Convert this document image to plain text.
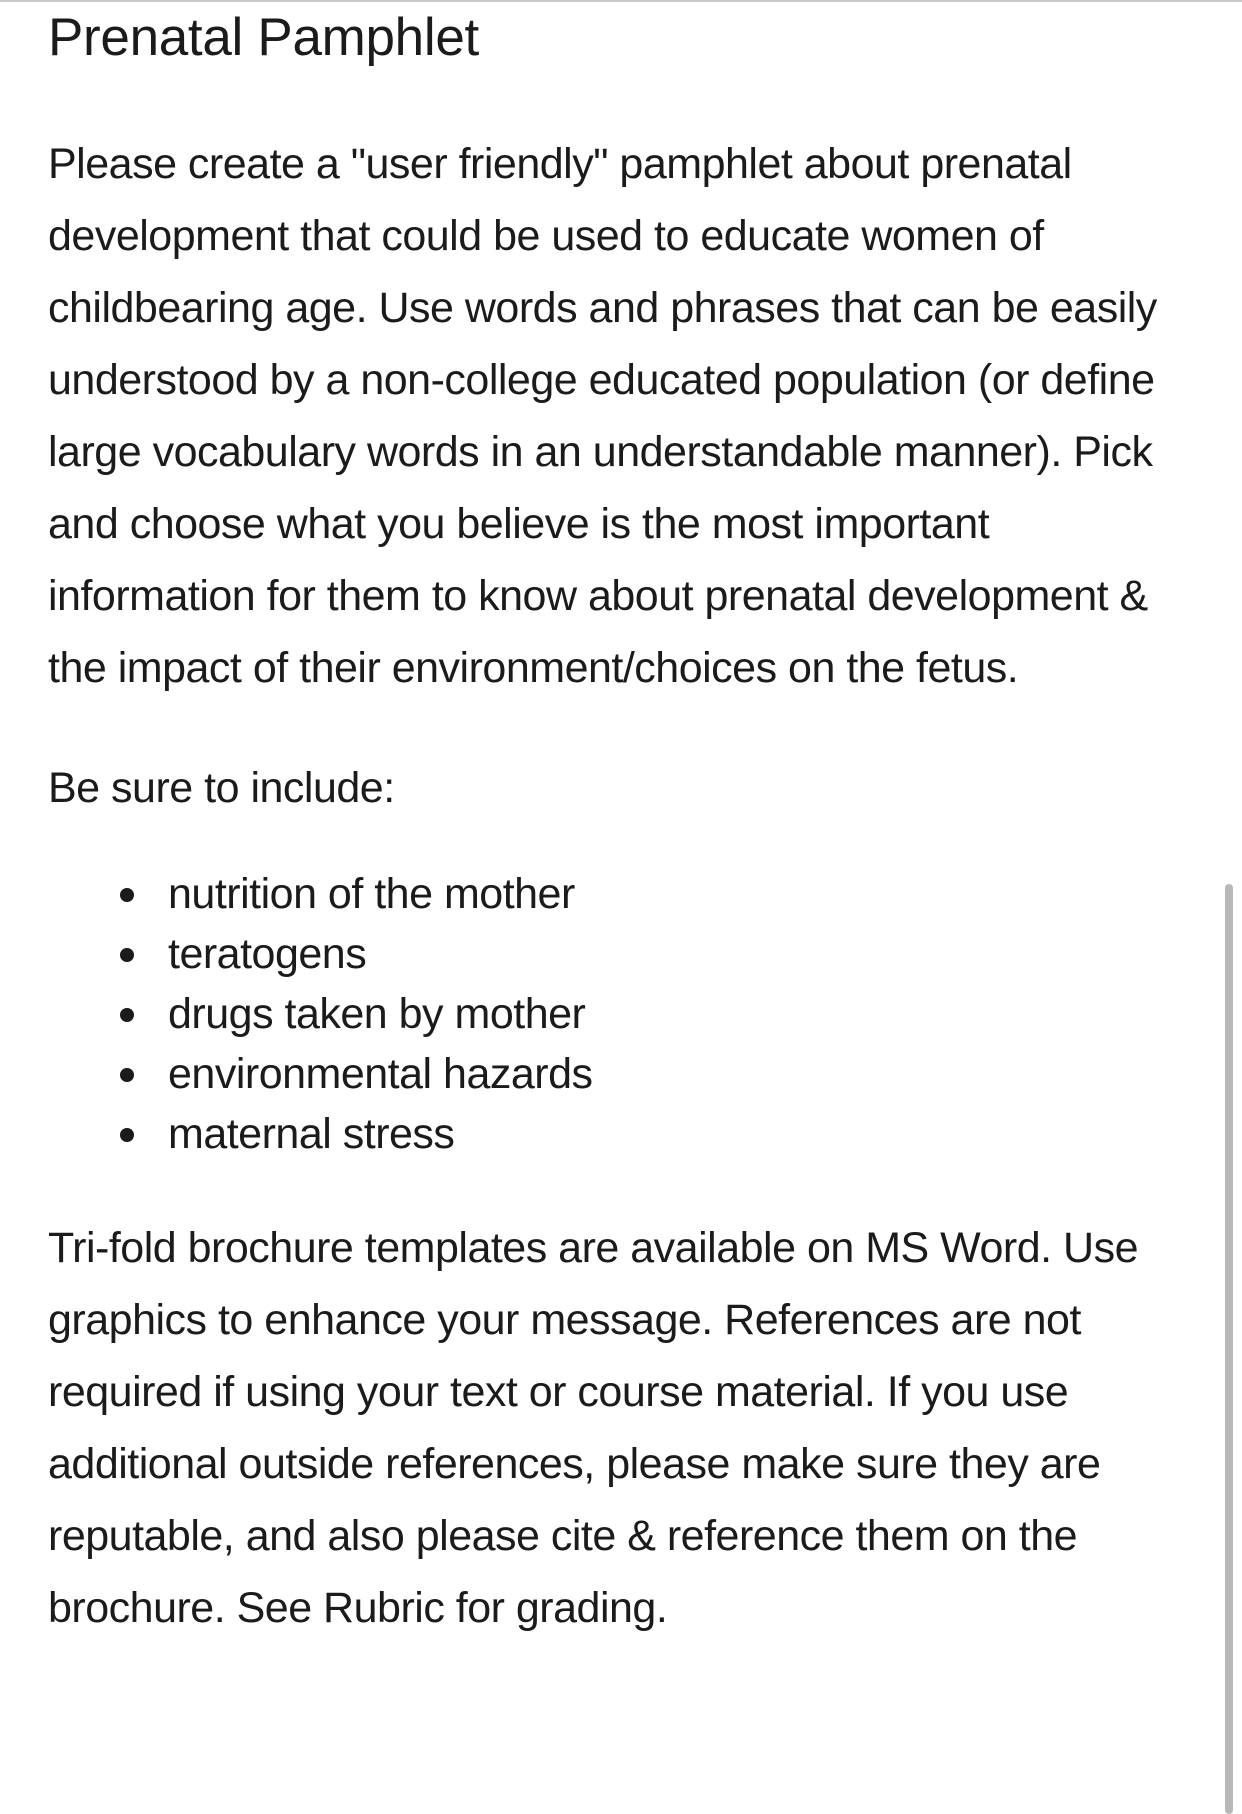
Prenatal Pamphlet

Please create a "user friendly" pamphlet about prenatal development that could be used to educate women of childbearing age. Use words and phrases that can be easily understood by a non-college educated population (or define large vocabulary words in an understandable manner). Pick and choose what you believe is the most important information for them to know about prenatal development & the impact of their environment/choices on the fetus.

Be sure to include:

nutrition of the mother
teratogens
drugs taken by mother
environmental hazards
maternal stress

Tri-fold brochure templates are available on MS Word. Use graphics to enhance your message. References are not required if using your text or course material. If you use additional outside references, please make sure they are reputable, and also please cite & reference them on the brochure. See Rubric for grading.
